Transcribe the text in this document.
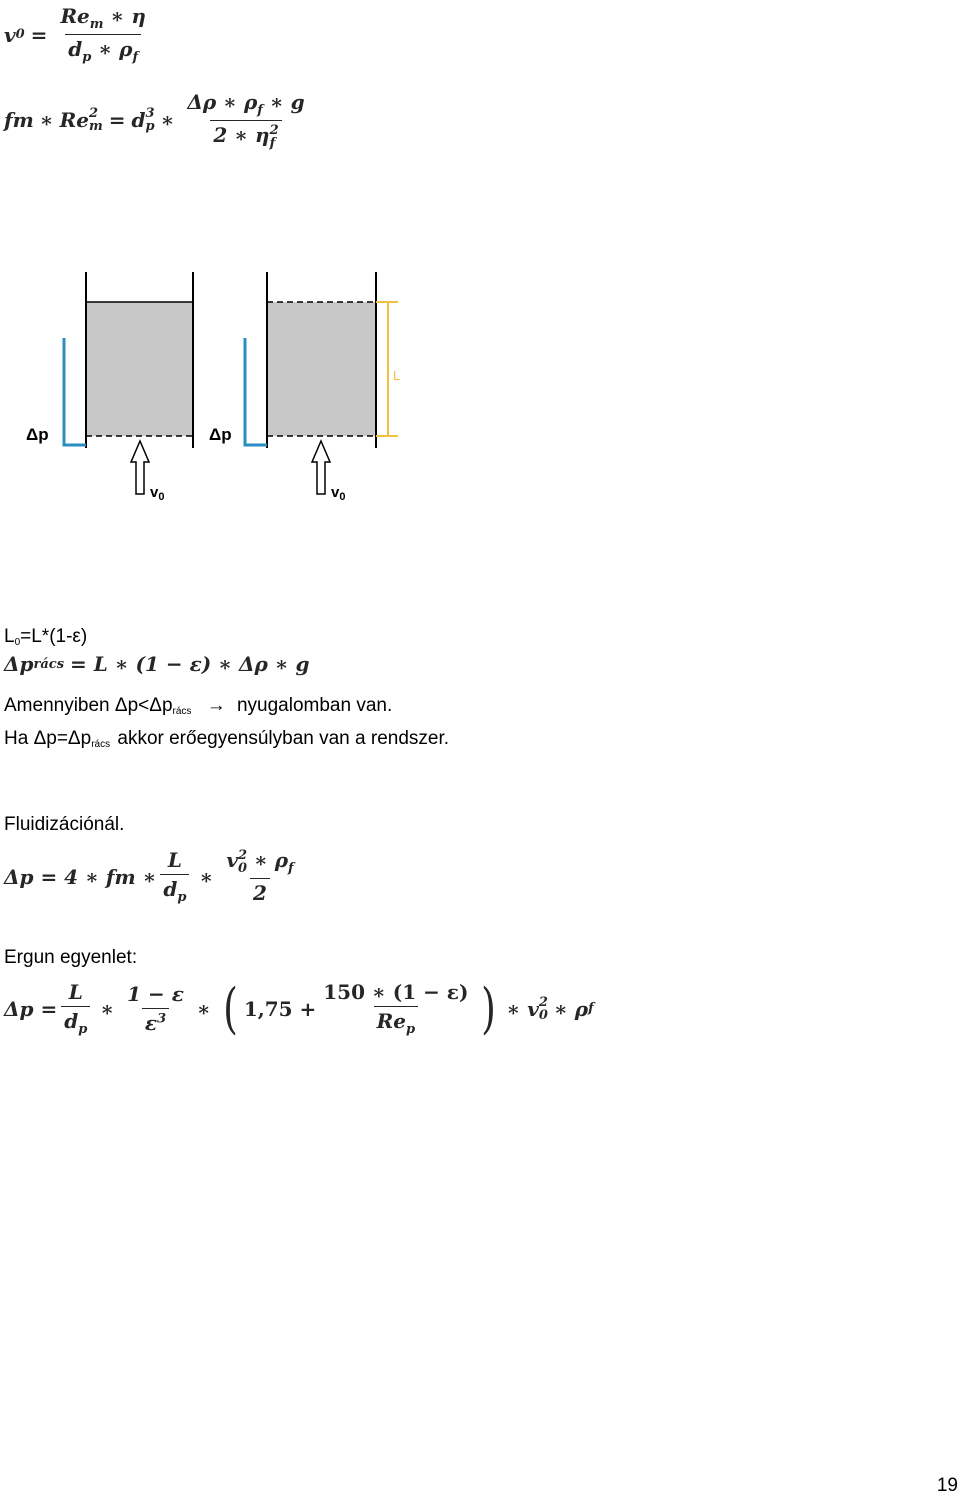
v $0 = \frac{Re_m ∗ \eta}{d_p ∗ \rho_f}$
fm ∗ Re 2
m = d 3
p ∗ Δρ ∗ $\rho_f$ ∗ g
2 ∗ η 2
f
Δp
$v_0$
L
Δp
$v_0$
$L_0=L*(1-\varepsilon)$
Δp rács = L ∗ (1 − ε) ∗ Δρ ∗ g
Amennyiben $\Delta p<\Delta p_{rács}$ → nyugalomban van.
Ha $\Delta p=\Delta p_{rács}$ akkor erőegyensúlyban van a rendszer.
Fluidizációnál.
Δp = 4 ∗ fm ∗ $\frac{L}{d_p}$ ∗ v 2
0 ∗ $\rho_f$
2
Ergun egyenlet:
$\Delta p = \frac{L}{d_p}$ ∗ $\frac{1 - \varepsilon}{\varepsilon^3}$ ∗ ( $1,75 + \frac{150 ∗ (1 - \varepsilon)}{Re_p}$ ) ∗ v 2
0 ∗ ρ f
19
